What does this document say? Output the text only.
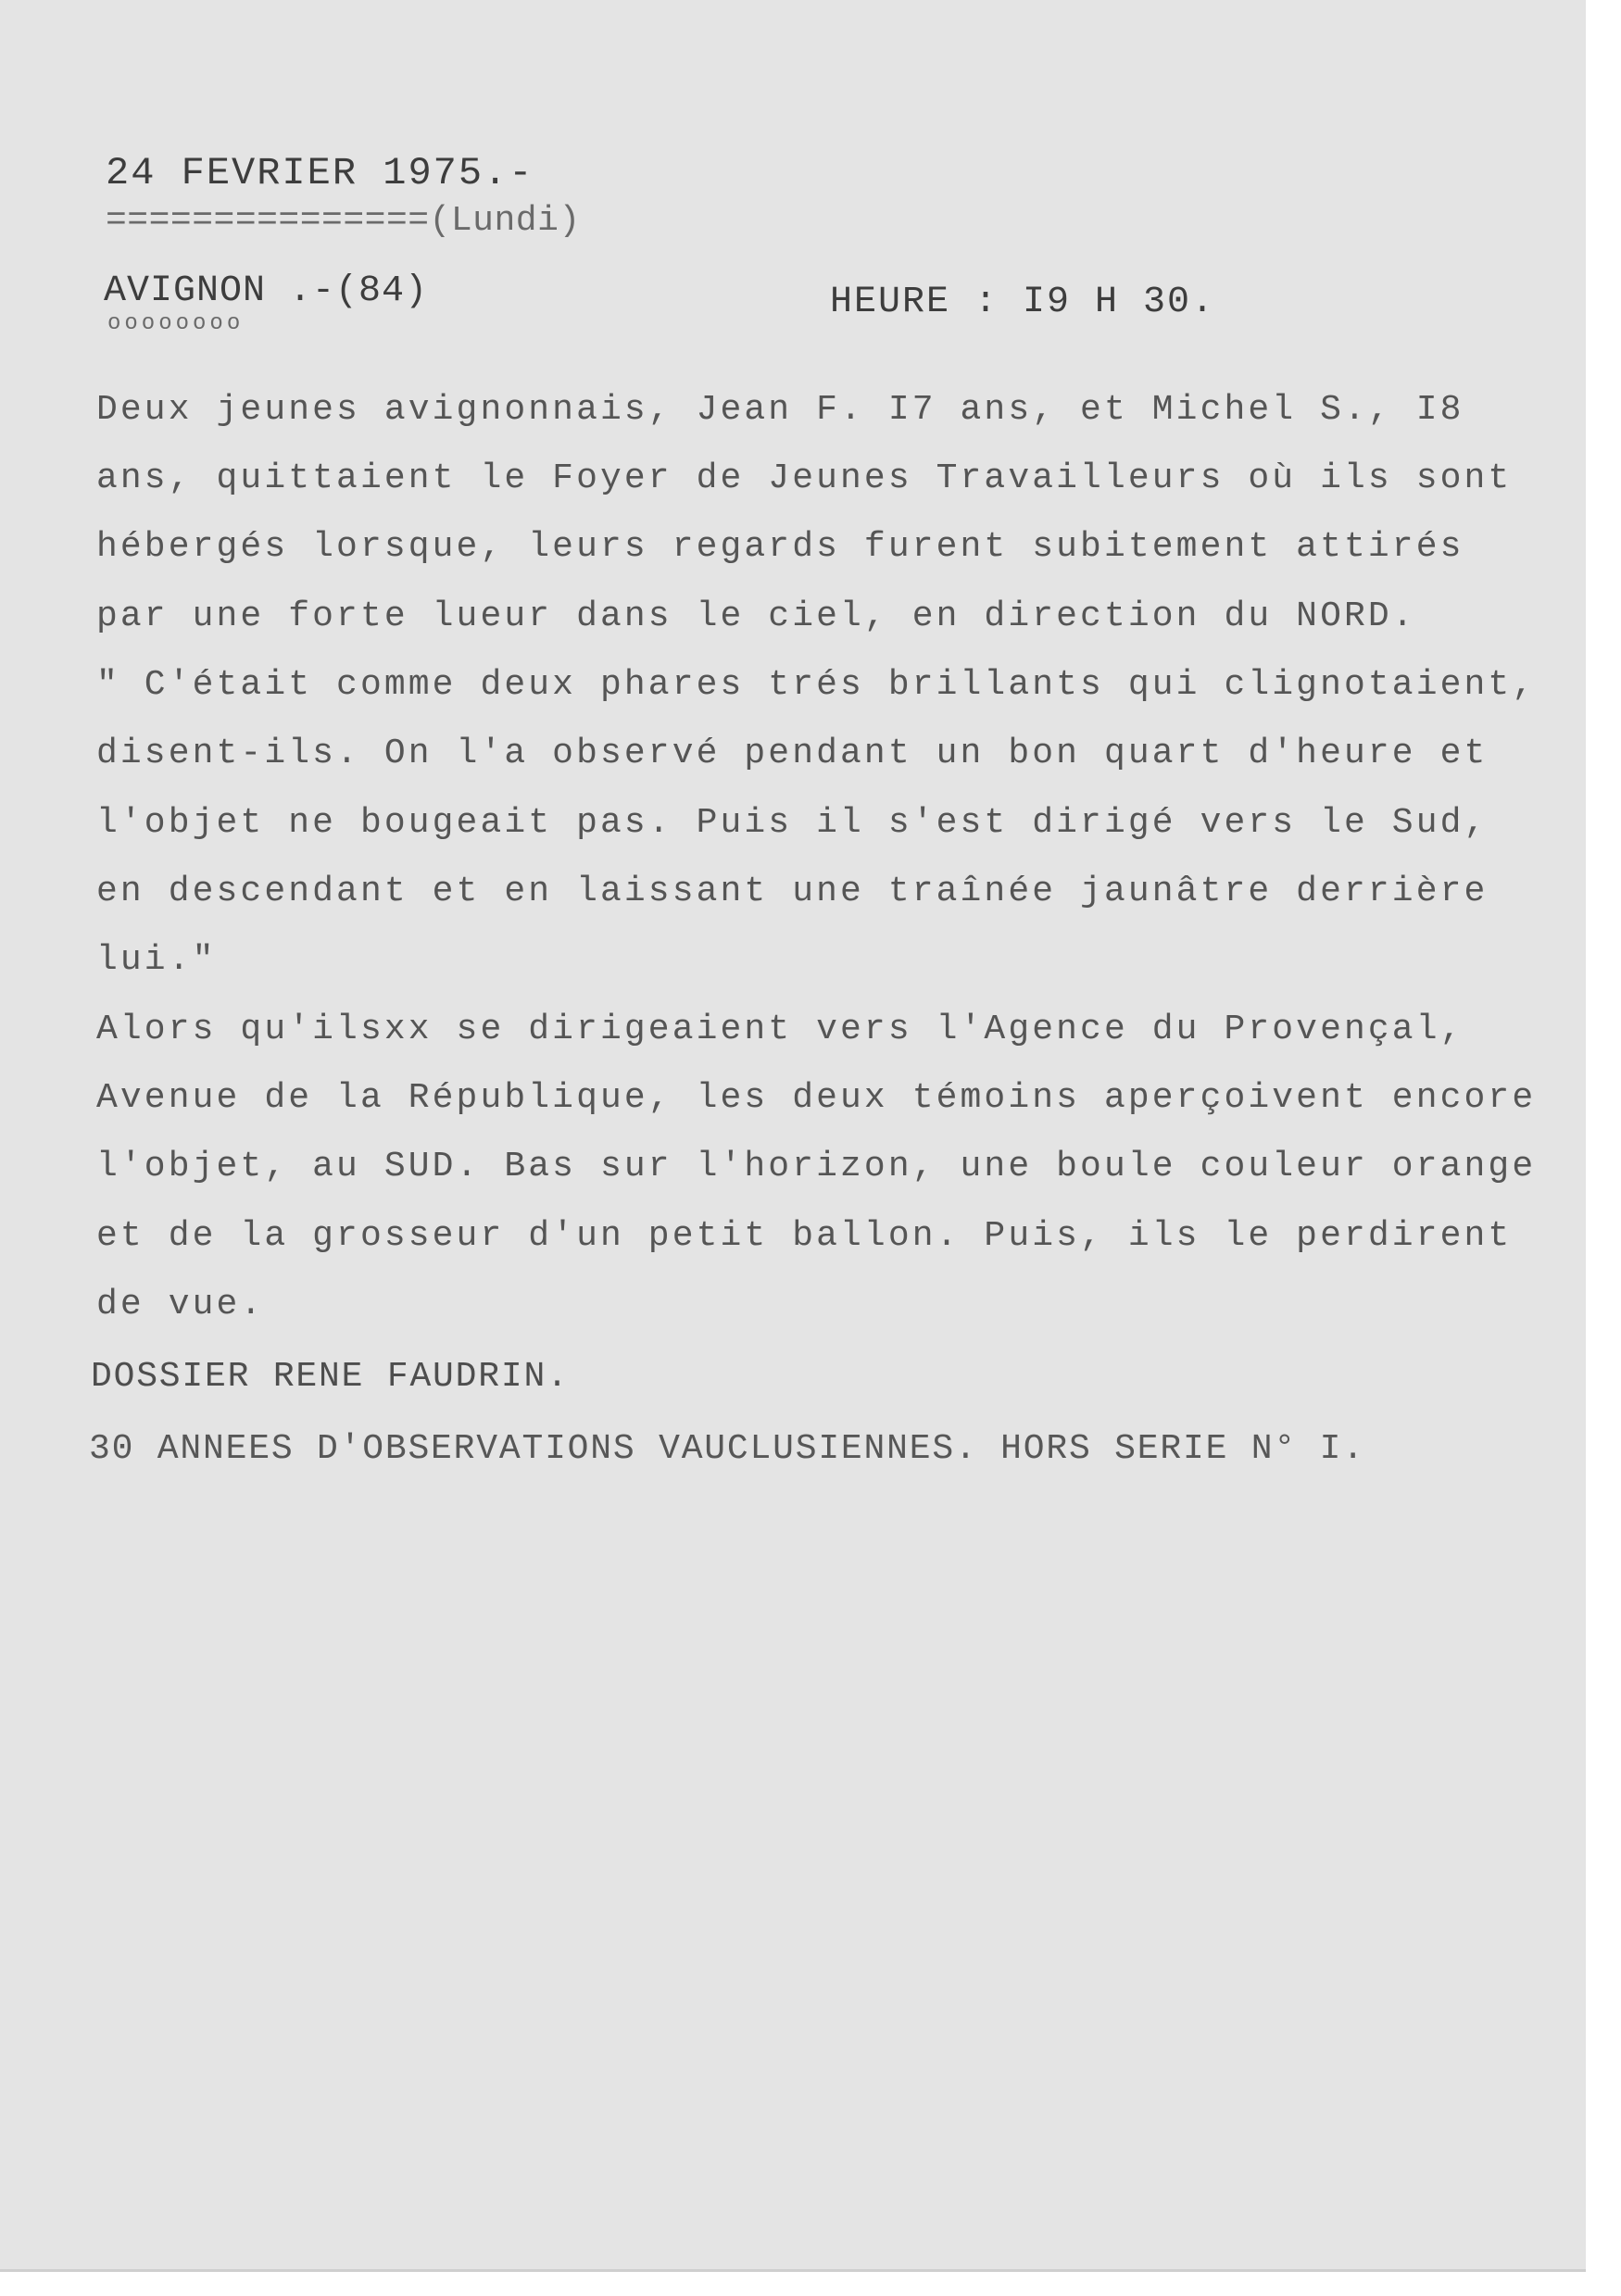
24 FEVRIER 1975.-
===============(Lundi)
AVIGNON .-(84)
oooooooo
HEURE : I9 H 30.
Deux jeunes avignonnais, Jean F. I7 ans, et Michel S., I8
ans, quittaient le Foyer de Jeunes Travailleurs où ils sont
hébergés lorsque, leurs regards furent subitement attirés
par une forte lueur dans le ciel, en direction du NORD.
" C'était comme deux phares trés brillants qui clignotaient,
disent-ils. On l'a observé pendant un bon quart d'heure et
l'objet ne bougeait pas. Puis il s'est dirigé vers le Sud,
en descendant et en laissant une traînée jaunâtre derrière
lui."
Alors qu'ilsxx se dirigeaient vers l'Agence du Provençal,
Avenue de la République, les deux témoins aperçoivent encore
l'objet, au SUD. Bas sur l'horizon, une boule couleur orange
et de la grosseur d'un petit ballon. Puis, ils le perdirent
de vue.
DOSSIER RENE FAUDRIN.
30 ANNEES D'OBSERVATIONS VAUCLUSIENNES. HORS SERIE N° I.
